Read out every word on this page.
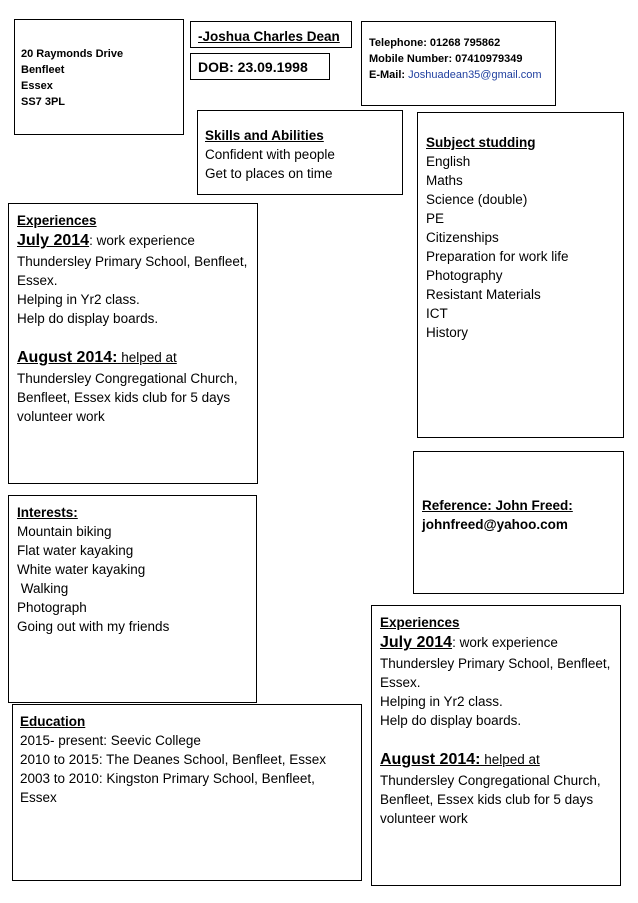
20 Raymonds Drive

Benfleet

Essex

SS7 3PL

-Joshua Charles Dean

DOB: 23.09.1998

Telephone: 01268 795862

Mobile Number: 07410979349

E-Mail: Joshuadean35@gmail.com

Skills and Abilities

Confident with people

Get to places on time

Subject studding

English

Maths

Science (double)

PE

Citizenships

Preparation for work life

Photography

Resistant Materials

ICT

History

Experiences

July 2014: work experience

Thundersley Primary School, Benfleet,

Essex.

Helping in Yr2 class.

Help do display boards.

August 2014: helped at

Thundersley Congregational Church,

Benfleet, Essex kids club for 5 days

volunteer work

Reference: John Freed:

johnfreed@yahoo.com

Interests:

Mountain biking

Flat water kayaking

White water kayaking

Walking

Photograph

Going out with my friends	Experiences

July 2014: work experience

Thundersley Primary School, Benfleet,

Essex.

Helping in Yr2 class.

Help do display boards.

August 2014: helped at

Thundersley Congregational Church,

Benfleet, Essex kids club for 5 days

volunteer work

Education

2015- present: Seevic College

2010 to 2015: The Deanes School, Benfleet, Essex

2003 to 2010: Kingston Primary School, Benfleet,

Essex
